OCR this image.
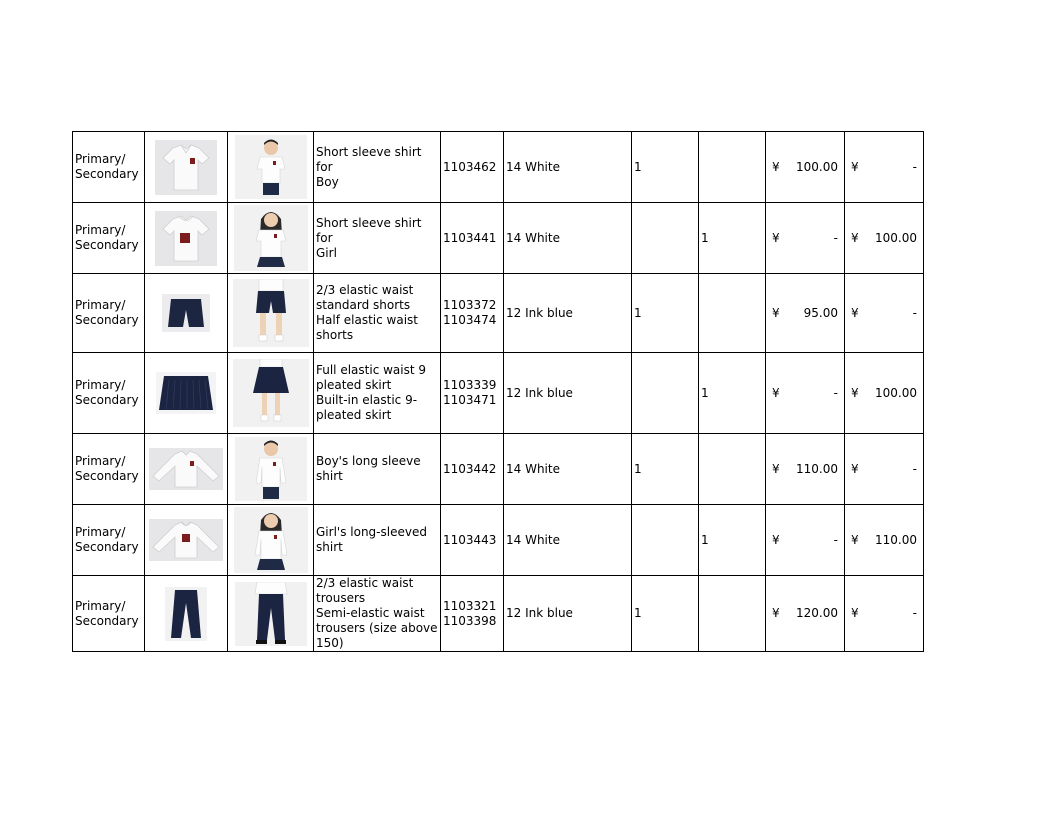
Primary/
Secondary			Short sleeve shirt for
Boy	1103462	14 White	1		¥ 100.00	¥ -

Primary/
Secondary			Short sleeve shirt for
Girl	1103441	14 White		1	¥ -	¥ 100.00

Primary/
Secondary			2/3 elastic waist
standard shorts
Half elastic waist
shorts	1103372
1103474	12 Ink blue	1		¥ 95.00	¥ -

Primary/
Secondary			Full elastic waist 9
pleated skirt
Built-in elastic 9-
pleated skirt	1103339
1103471	12 Ink blue		1	¥ -	¥ 100.00

Primary/
Secondary			Boy's long sleeve
shirt	1103442	14 White	1		¥ 110.00	¥ -

Primary/
Secondary			Girl's long-sleeved
shirt	1103443	14 White		1	¥ -	¥ 110.00

Primary/
Secondary			2/3 elastic waist
trousers
Semi-elastic waist
trousers (size above
150)	1103321
1103398	12 Ink blue	1		¥ 120.00	¥ -
